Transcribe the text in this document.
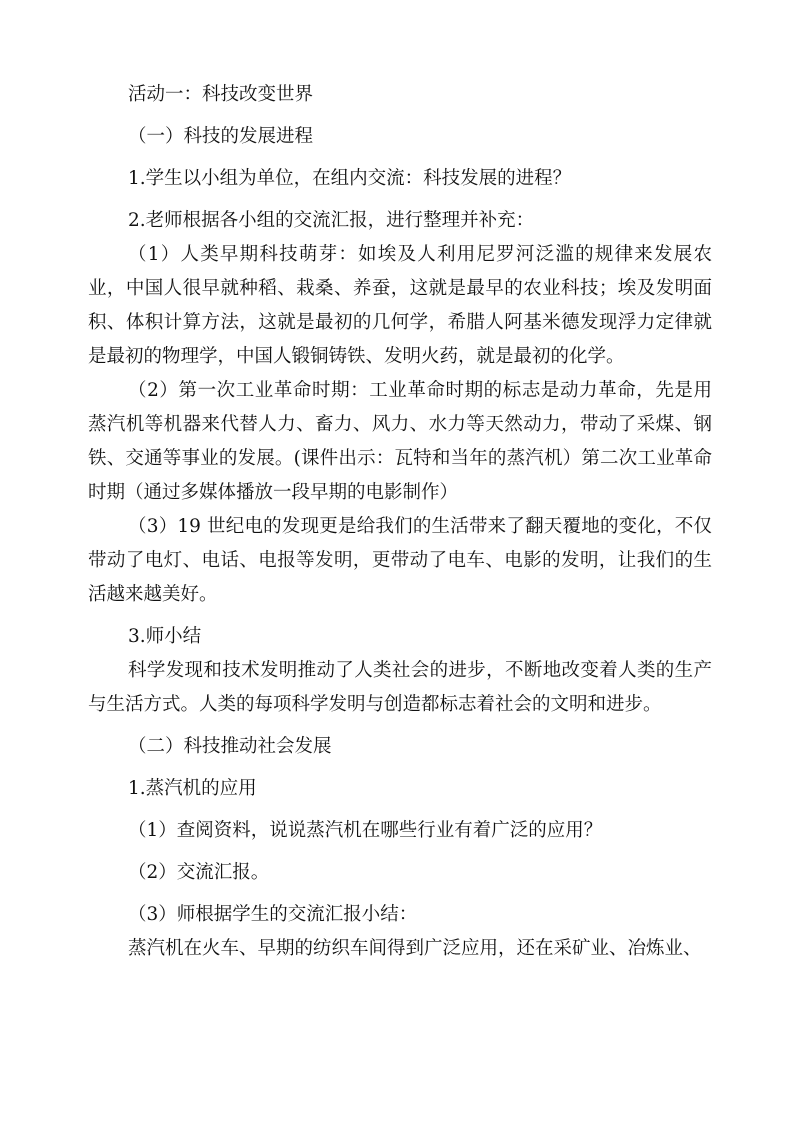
活动一：科技改变世界

（一）科技的发展进程

1.学生以小组为单位，在组内交流：科技发展的进程？

2.老师根据各小组的交流汇报，进行整理并补充：

（1）人类早期科技萌芽：如埃及人利用尼罗河泛滥的规律来发展农业，中国人很早就种稻、栽桑、养蚕，这就是最早的农业科技；埃及发明面积、体积计算方法，这就是最初的几何学，希腊人阿基米德发现浮力定律就是最初的物理学，中国人锻铜铸铁、发明火药，就是最初的化学。

（2）第一次工业革命时期：工业革命时期的标志是动力革命，先是用蒸汽机等机器来代替人力、畜力、风力、水力等天然动力，带动了采煤、钢铁、交通等事业的发展。(课件出示：瓦特和当年的蒸汽机）第二次工业革命时期（通过多媒体播放一段早期的电影制作）

（3）19 世纪电的发现更是给我们的生活带来了翻天覆地的变化，不仅带动了电灯、电话、电报等发明，更带动了电车、电影的发明，让我们的生活越来越美好。

3.师小结

科学发现和技术发明推动了人类社会的进步，不断地改变着人类的生产与生活方式。人类的每项科学发明与创造都标志着社会的文明和进步。

（二）科技推动社会发展

1.蒸汽机的应用

（1）查阅资料，说说蒸汽机在哪些行业有着广泛的应用？

（2）交流汇报。

（3）师根据学生的交流汇报小结：

蒸汽机在火车、早期的纺织车间得到广泛应用，还在采矿业、冶炼业、
